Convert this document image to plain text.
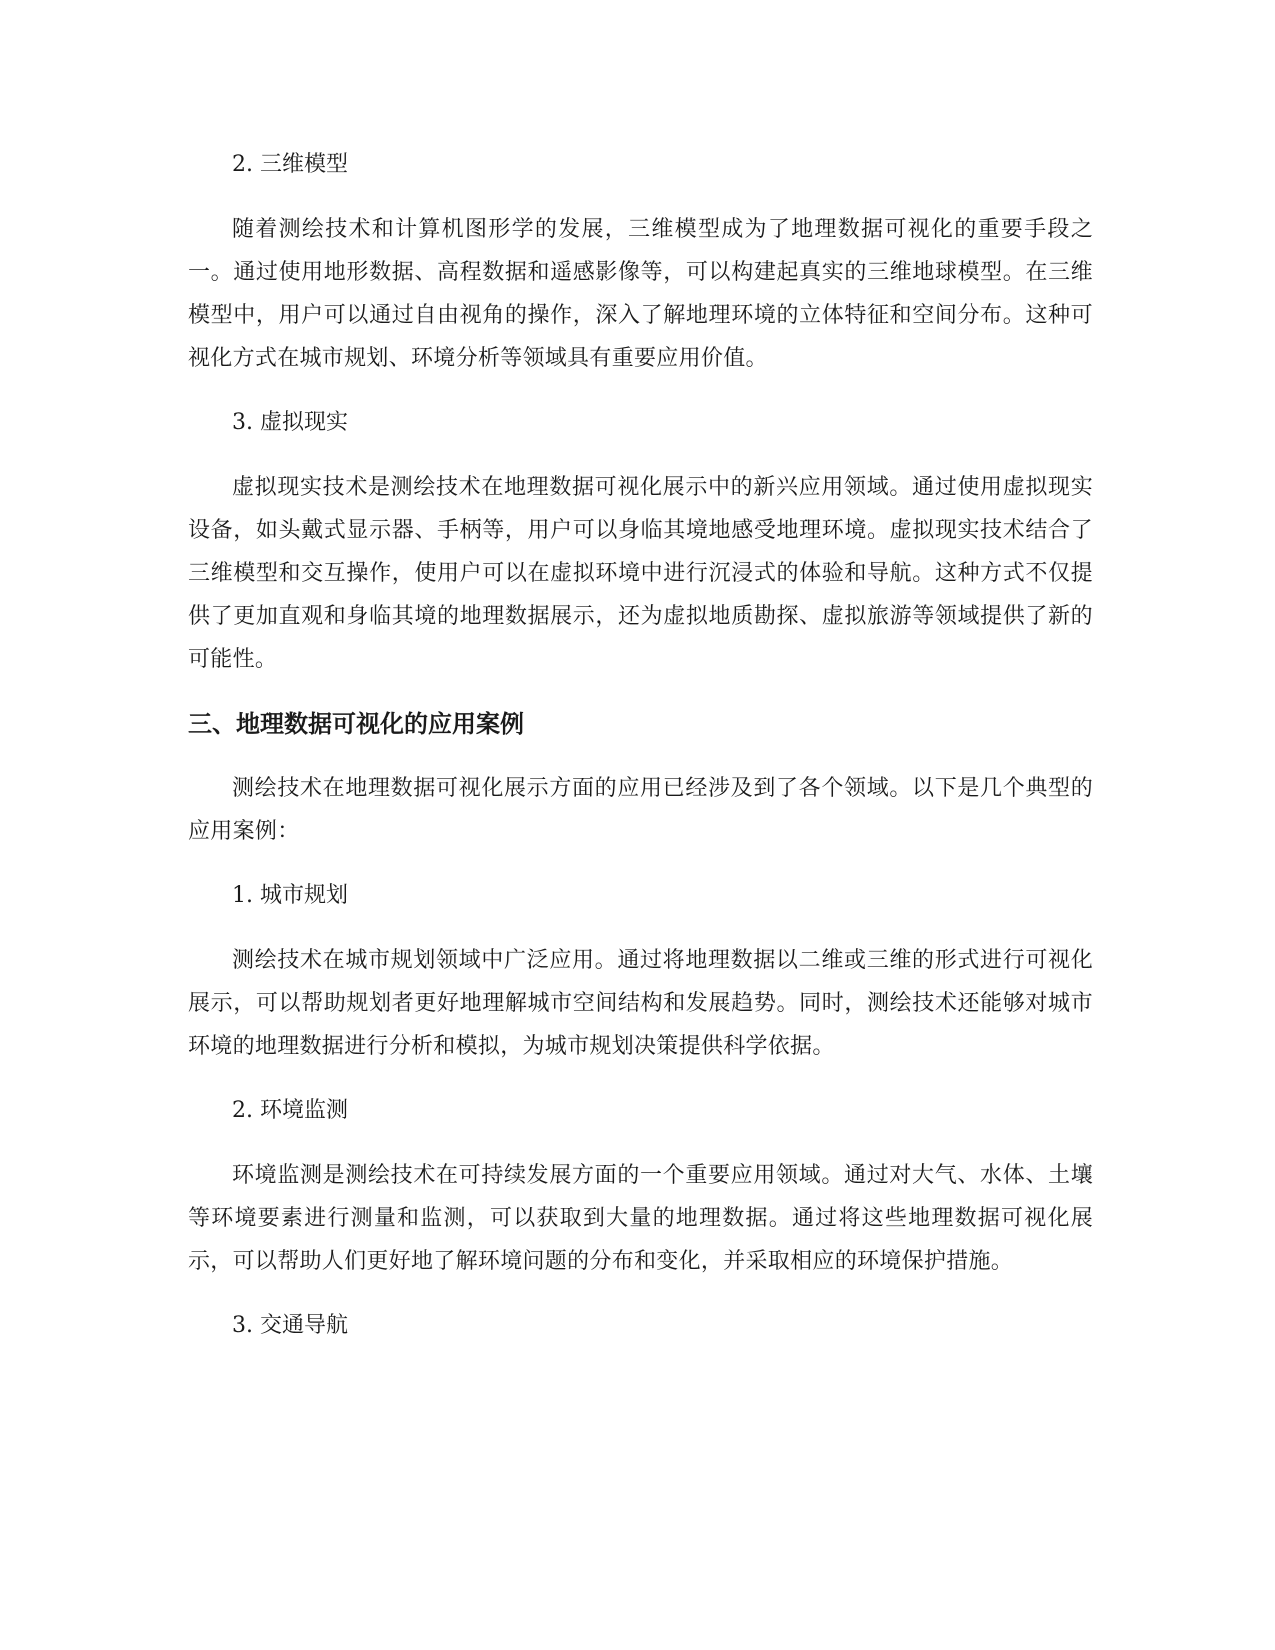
2. 三维模型

随着测绘技术和计算机图形学的发展，三维模型成为了地理数据可视化的重要手段之一。通过使用地形数据、高程数据和遥感影像等，可以构建起真实的三维地球模型。在三维模型中，用户可以通过自由视角的操作，深入了解地理环境的立体特征和空间分布。这种可视化方式在城市规划、环境分析等领域具有重要应用价值。

3. 虚拟现实

虚拟现实技术是测绘技术在地理数据可视化展示中的新兴应用领域。通过使用虚拟现实设备，如头戴式显示器、手柄等，用户可以身临其境地感受地理环境。虚拟现实技术结合了三维模型和交互操作，使用户可以在虚拟环境中进行沉浸式的体验和导航。这种方式不仅提供了更加直观和身临其境的地理数据展示，还为虚拟地质勘探、虚拟旅游等领域提供了新的可能性。

三、地理数据可视化的应用案例

测绘技术在地理数据可视化展示方面的应用已经涉及到了各个领域。以下是几个典型的应用案例：

1. 城市规划

测绘技术在城市规划领域中广泛应用。通过将地理数据以二维或三维的形式进行可视化展示，可以帮助规划者更好地理解城市空间结构和发展趋势。同时，测绘技术还能够对城市环境的地理数据进行分析和模拟，为城市规划决策提供科学依据。

2. 环境监测

环境监测是测绘技术在可持续发展方面的一个重要应用领域。通过对大气、水体、土壤等环境要素进行测量和监测，可以获取到大量的地理数据。通过将这些地理数据可视化展示，可以帮助人们更好地了解环境问题的分布和变化，并采取相应的环境保护措施。

3. 交通导航
